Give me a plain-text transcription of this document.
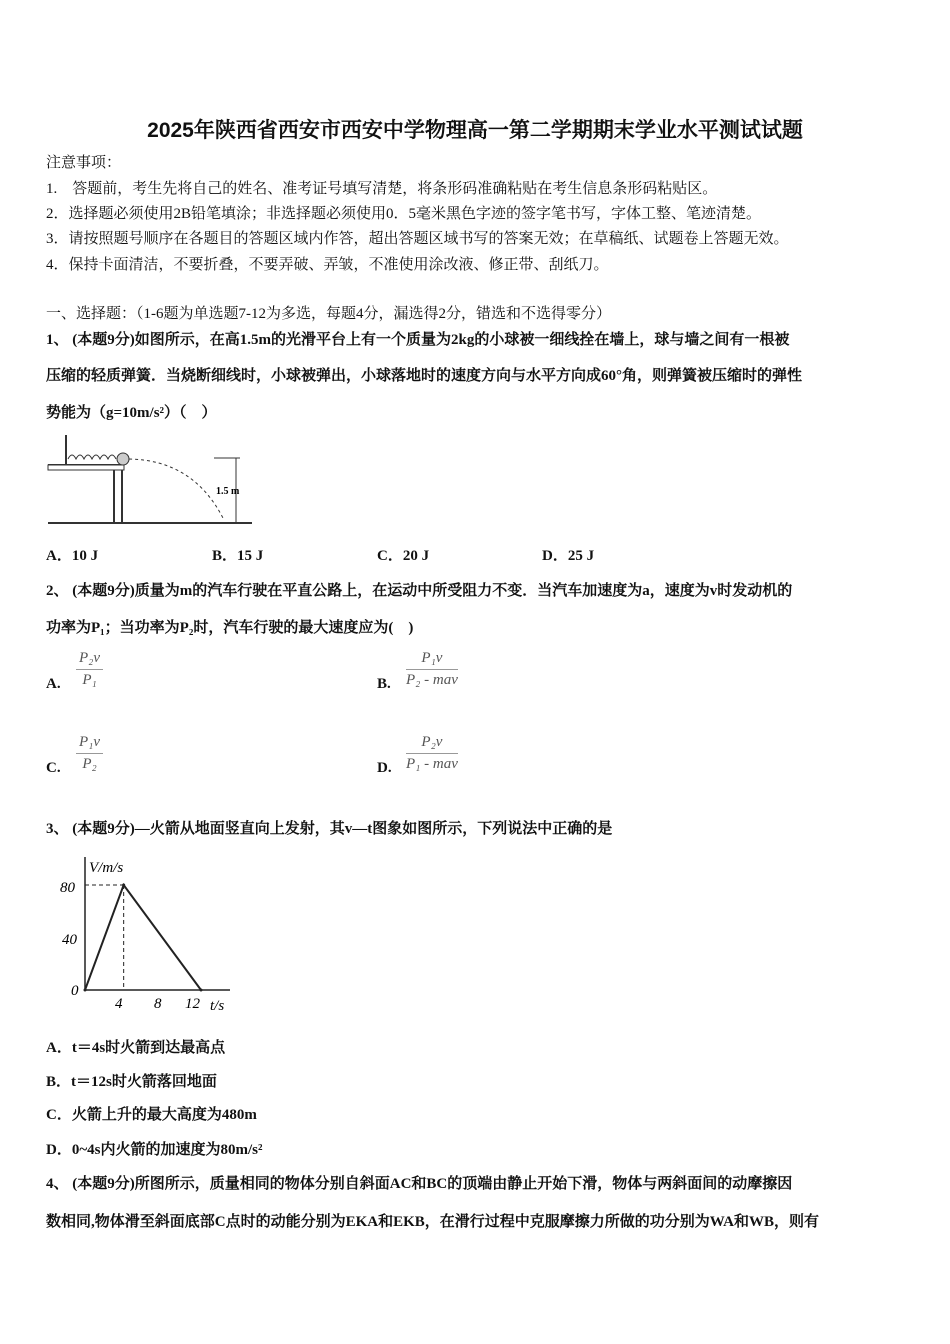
2025年陕西省西安市西安中学物理高一第二学期期末学业水平测试试题
注意事项：
1.　答题前，考生先将自己的姓名、准考证号填写清楚，将条形码准确粘贴在考生信息条形码粘贴区。
2．选择题必须使用2B铅笔填涂；非选择题必须使用0．5毫米黑色字迹的签字笔书写，字体工整、笔迹清楚。
3．请按照题号顺序在各题目的答题区域内作答，超出答题区域书写的答案无效；在草稿纸、试题卷上答题无效。
4．保持卡面清洁，不要折叠，不要弄破、弄皱，不准使用涂改液、修正带、刮纸刀。
一、选择题：（1-6题为单选题7-12为多选，每题4分，漏选得2分，错选和不选得零分）
1、 (本题9分)如图所示，在高1.5m的光滑平台上有一个质量为2kg的小球被一细线拴在墙上，球与墙之间有一根被
压缩的轻质弹簧．当烧断细线时，小球被弹出，小球落地时的速度方向与水平方向成60°角，则弹簧被压缩时的弹性
势能为（g=10m/s²）（　）
1.5 m
A．10 J	B．15 J	C．20 J	D．25 J
2、 (本题9分)质量为m的汽车行驶在平直公路上，在运动中所受阻力不变．当汽车加速度为a，速度为v时发动机的
功率为P₁；当功率为P₂时，汽车行驶的最大速度应为(　)
A. $\frac{\text{P₂v}}{\text{P₁}}$	B.
P₁v
P₂ - mav
C. $\frac{\text{P₁v}}{\text{P₂}}$	D.
P₂v
P₁ - mav
3、 (本题9分)—火箭从地面竖直向上发射，其v—t图象如图所示，下列说法中正确的是
V/m/s
t/s
80
40
0
4 8 12
A．t＝4s时火箭到达最高点
B．t＝12s时火箭落回地面
C．火箭上升的最大高度为480m
D．0~4s内火箭的加速度为80m/s²
4、 (本题9分)所图所示，质量相同的物体分别自斜面AC和BC的顶端由静止开始下滑，物体与两斜面间的动摩擦因
数相同,物体滑至斜面底部C点时的动能分别为EKA和EKB，在滑行过程中克服摩擦力所做的功分别为WA和WB，则有
